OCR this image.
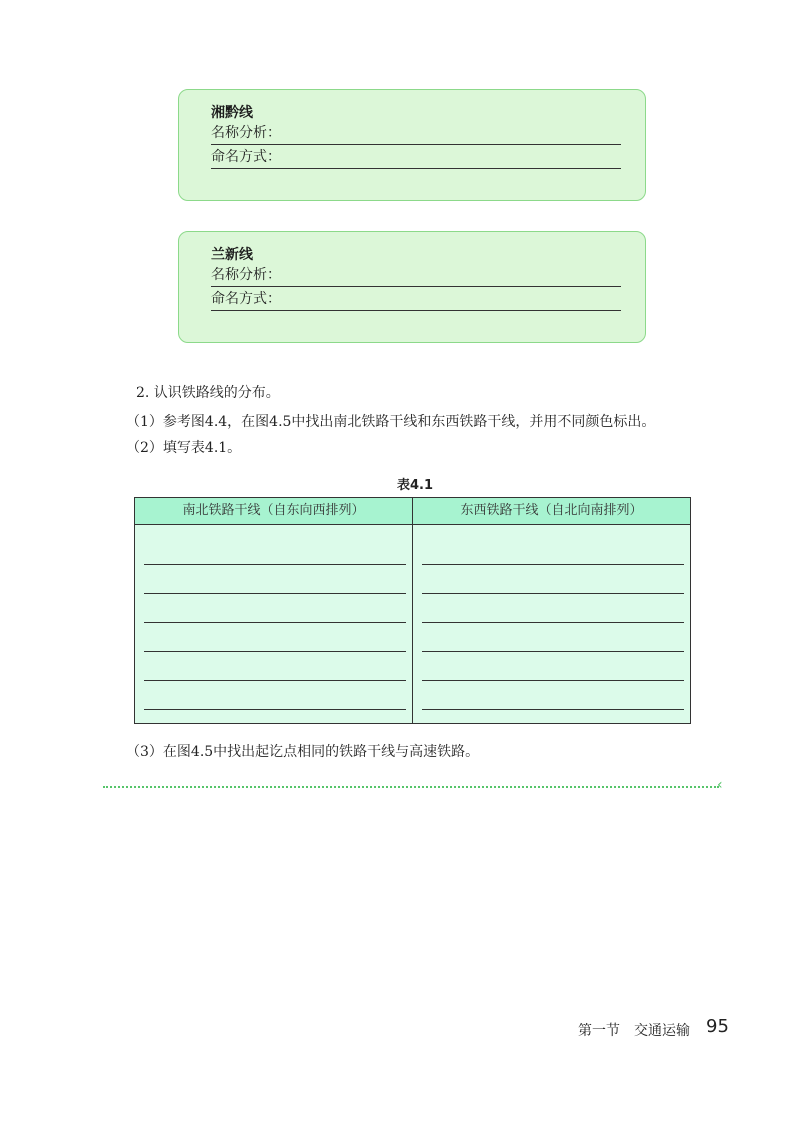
湘黔线
名称分析：
命名方式：
兰新线
名称分析：
命名方式：
2. 认识铁路线的分布。
（1）参考图4.4，在图4.5中找出南北铁路干线和东西铁路干线，并用不同颜色标出。
（2）填写表4.1。
表4.1
南北铁路干线（自东向西排列）	东西铁路干线（自北向南排列）
（3）在图4.5中找出起讫点相同的铁路干线与高速铁路。
‹
第一节 交通运输 95
